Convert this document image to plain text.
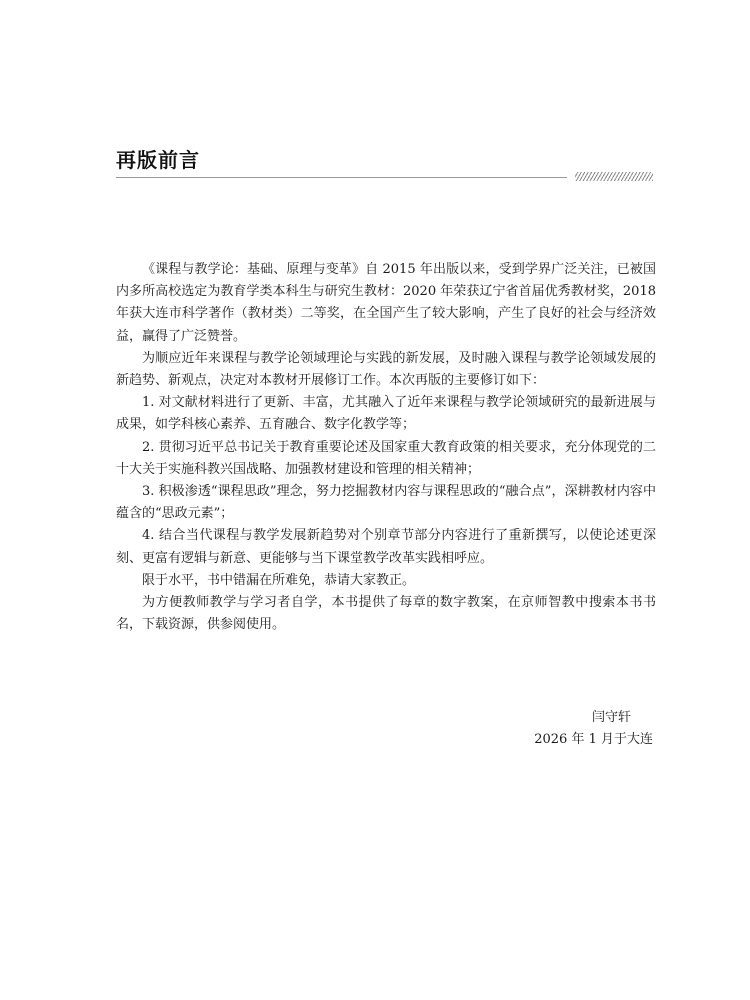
再版前言

《课程与教学论：基础、原理与变革》自 2015 年出版以来，受到学界广泛关注，已被国内多所高校选定为教育学类本科生与研究生教材：2020 年荣获辽宁省首届优秀教材奖，2018 年获大连市科学著作（教材类）二等奖，在全国产生了较大影响，产生了良好的社会与经济效益，赢得了广泛赞誉。

为顺应近年来课程与教学论领域理论与实践的新发展，及时融入课程与教学论领域发展的新趋势、新观点，决定对本教材开展修订工作。本次再版的主要修订如下：

1. 对文献材料进行了更新、丰富，尤其融入了近年来课程与教学论领域研究的最新进展与成果，如学科核心素养、五育融合、数字化教学等；

2. 贯彻习近平总书记关于教育重要论述及国家重大教育政策的相关要求，充分体现党的二十大关于实施科教兴国战略、加强教材建设和管理的相关精神；

3. 积极渗透“课程思政”理念，努力挖掘教材内容与课程思政的“融合点”，深耕教材内容中蕴含的“思政元素”；

4. 结合当代课程与教学发展新趋势对个别章节部分内容进行了重新撰写，以使论述更深刻、更富有逻辑与新意、更能够与当下课堂教学改革实践相呼应。

限于水平，书中错漏在所难免，恭请大家教正。

为方便教师教学与学习者自学，本书提供了每章的数字教案，在京师智教中搜索本书书名，下载资源，供参阅使用。

闫守轩
2026 年 1 月于大连
